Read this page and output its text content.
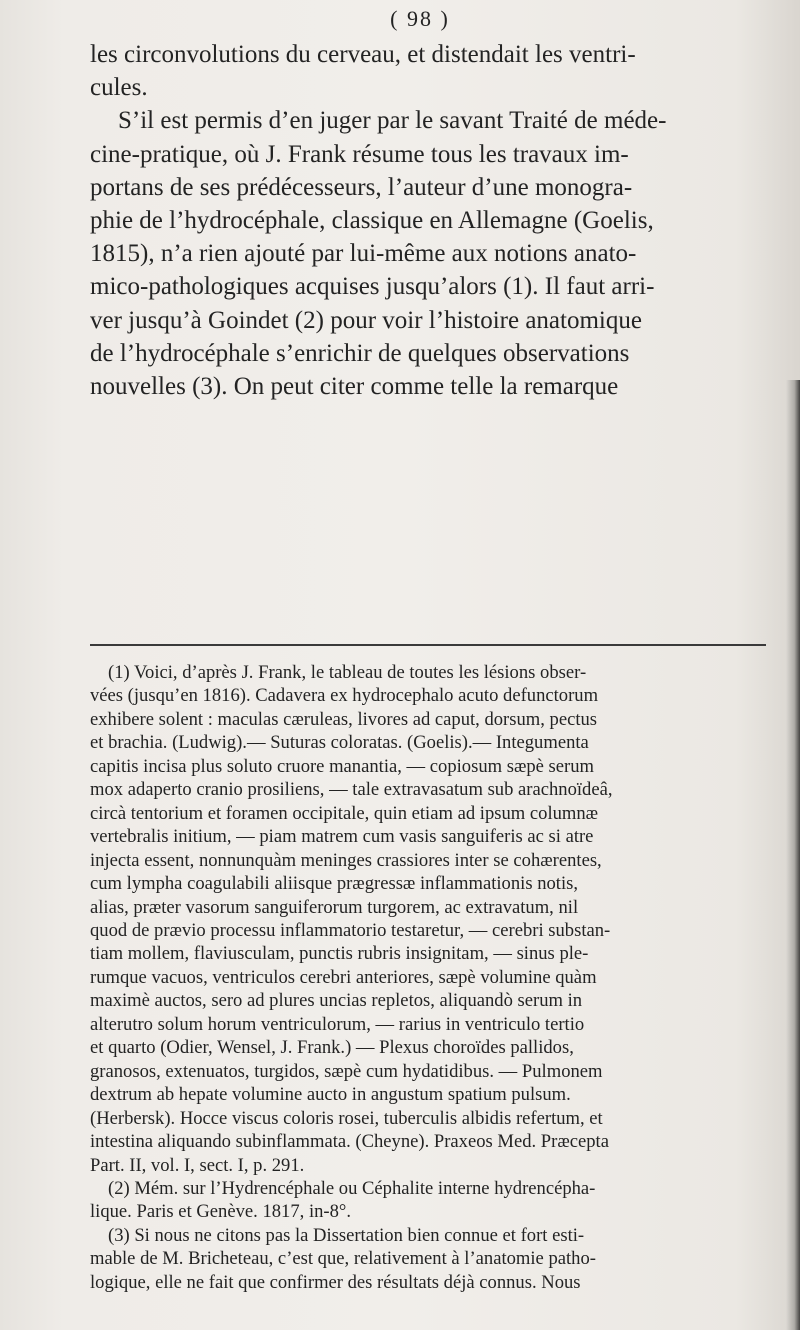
( 98 )
les circonvolutions du cerveau, et distendait les ventri-
cules.
S’il est permis d’en juger par le savant Traité de méde-
cine-pratique, où J. Frank résume tous les travaux im-
portans de ses prédécesseurs, l’auteur d’une monogra-
phie de l’hydrocéphale, classique en Allemagne (Goelis,
1815), n’a rien ajouté par lui-même aux notions anato-
mico-pathologiques acquises jusqu’alors (1). Il faut arri-
ver jusqu’à Goindet (2) pour voir l’histoire anatomique
de l’hydrocéphale s’enrichir de quelques observations
nouvelles (3). On peut citer comme telle la remarque
(1) Voici, d’après J. Frank, le tableau de toutes les lésions obser-
vées (jusqu’en 1816). Cadavera ex hydrocephalo acuto defunctorum
exhibere solent : maculas cæruleas, livores ad caput, dorsum, pectus
et brachia. (Ludwig).— Suturas coloratas. (Goelis).— Integumenta
capitis incisa plus soluto cruore manantia, — copiosum sæpè serum
mox adaperto cranio prosiliens, — tale extravasatum sub arachnoïdeâ,
circà tentorium et foramen occipitale, quin etiam ad ipsum columnæ
vertebralis initium, — piam matrem cum vasis sanguiferis ac si atre
injecta essent, nonnunquàm meninges crassiores inter se cohærentes,
cum lympha coagulabili aliisque prægressæ inflammationis notis,
alias, præter vasorum sanguiferorum turgorem, ac extravatum, nil
quod de prævio processu inflammatorio testaretur, — cerebri substan-
tiam mollem, flaviusculam, punctis rubris insignitam, — sinus ple-
rumque vacuos, ventriculos cerebri anteriores, sæpè volumine quàm
maximè auctos, sero ad plures uncias repletos, aliquandò serum in
alterutro solum horum ventriculorum, — rarius in ventriculo tertio
et quarto (Odier, Wensel, J. Frank.) — Plexus choroïdes pallidos,
granosos, extenuatos, turgidos, sæpè cum hydatidibus. — Pulmonem
dextrum ab hepate volumine aucto in angustum spatium pulsum.
(Herbersk). Hocce viscus coloris rosei, tuberculis albidis refertum, et
intestina aliquando subinflammata. (Cheyne). Praxeos Med. Præcepta
Part. II, vol. I, sect. I, p. 291.
(2) Mém. sur l’Hydrencéphale ou Céphalite interne hydrencépha-
lique. Paris et Genève. 1817, in-8°.
(3) Si nous ne citons pas la Dissertation bien connue et fort esti-
mable de M. Bricheteau, c’est que, relativement à l’anatomie patho-
logique, elle ne fait que confirmer des résultats déjà connus. Nous
